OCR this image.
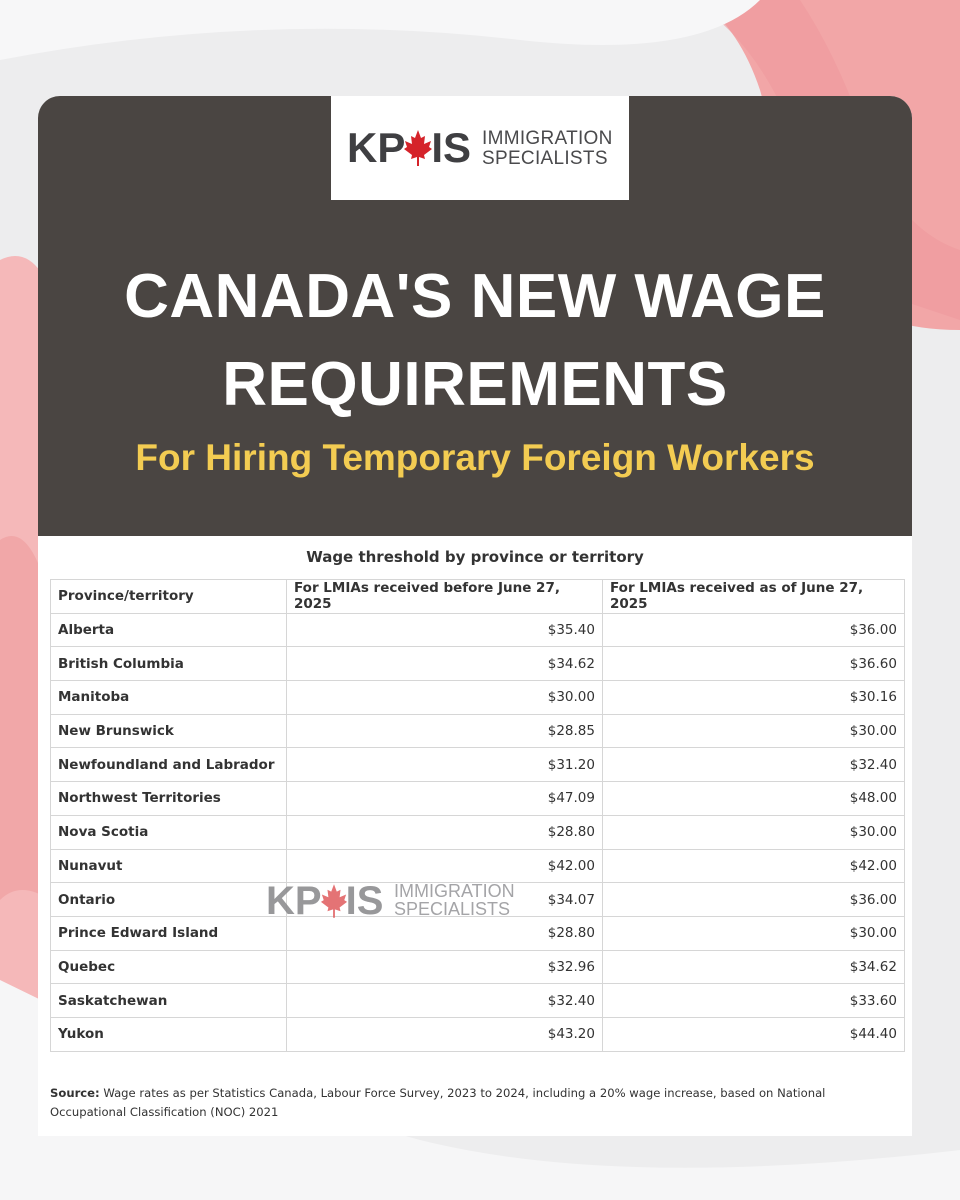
KP IS IMMIGRATION
SPECIALISTS
CANADA'S NEW WAGE
REQUIREMENTS
For Hiring Temporary Foreign Workers
Wage threshold by province or territory
Province/territory	For LMIAs received before June 27, 2025	For LMIAs received as of June 27, 2025
Alberta	$35.40	$36.00
British Columbia	$34.62	$36.60
Manitoba	$30.00	$30.16
New Brunswick	$28.85	$30.00
Newfoundland and Labrador	$31.20	$32.40
Northwest Territories	$47.09	$48.00
Nova Scotia	$28.80	$30.00
Nunavut	$42.00	$42.00
Ontario	$34.07	$36.00
Prince Edward Island	$28.80	$30.00
Quebec	$32.96	$34.62
Saskatchewan	$32.40	$33.60
Yukon	$43.20	$44.40
KP IS IMMIGRATION
SPECIALISTS
Source: Wage rates as per Statistics Canada, Labour Force Survey, 2023 to 2024, including a 20% wage increase, based on National Occupational Classification (NOC) 2021
